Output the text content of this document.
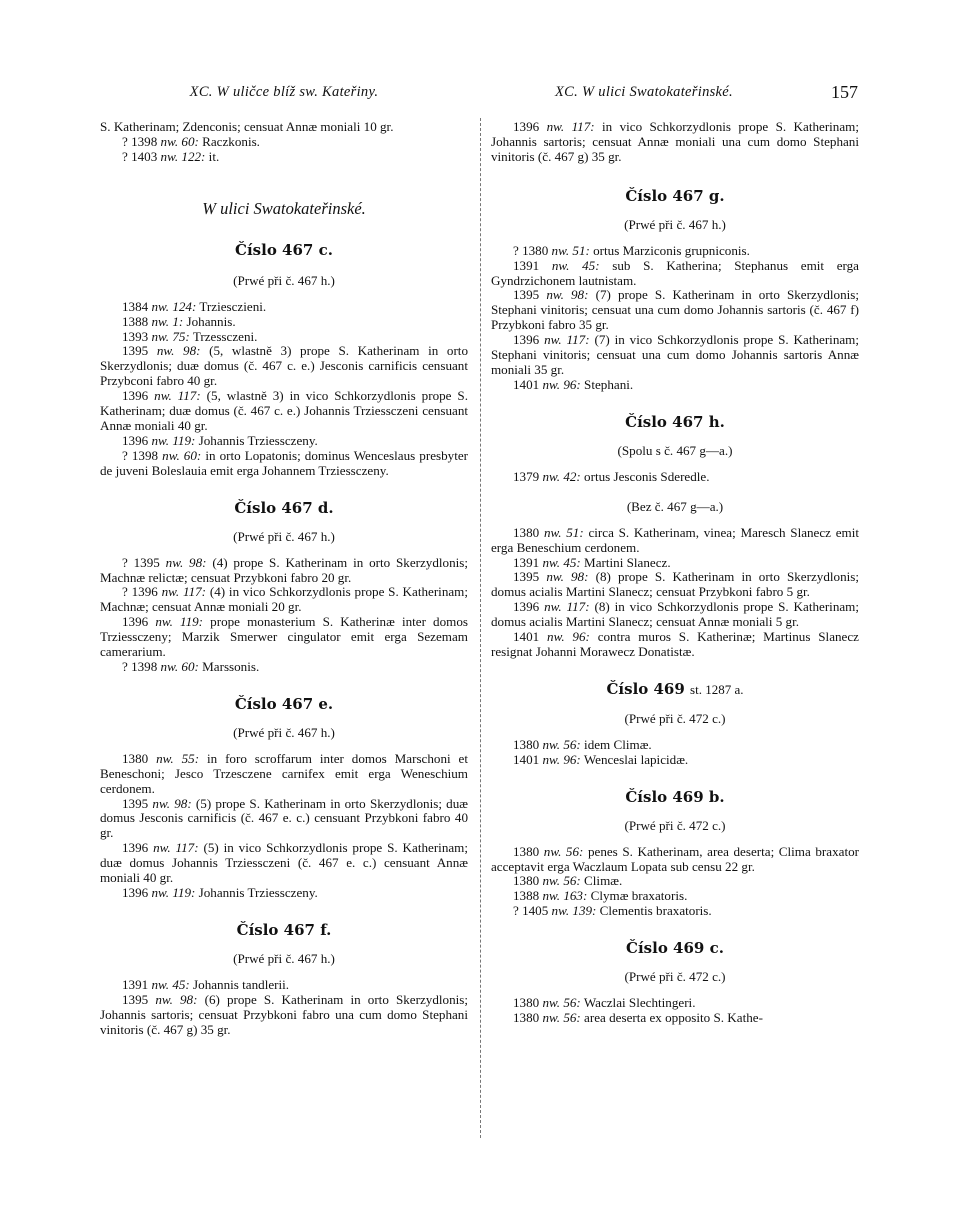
XC. W uličce blíž sw. Kateřiny.	XC. W ulici Swatokateřinské.	157

S. Katherinam; Zdenconis; censuat Annæ moniali 10 gr.

? 1398 nw. 60: Raczkonis.

? 1403 nw. 122: it.

W ulici Swatokateřinské.

Číslo 467 c.

(Prwé při č. 467 h.)

1384 nw. 124: Trziesczieni.

1388 nw. 1: Johannis.

1393 nw. 75: Trzessczeni.

1395 nw. 98: (5, wlastně 3) prope S. Katherinam in orto Skerzydlonis; duæ domus (č. 467 c. e.) Jesconis carnificis censuant Przybconi fabro 40 gr.

1396 nw. 117: (5, wlastně 3) in vico Schkorzydlonis prope S. Katherinam; duæ domus (č. 467 c. e.) Johannis Trziessczeni censuant Annæ moniali 40 gr.

1396 nw. 119: Johannis Trziessczeny.

? 1398 nw. 60: in orto Lopatonis; dominus Wenceslaus presbyter de juveni Boleslauia emit erga Johannem Trziessczeny.

Číslo 467 d.

(Prwé při č. 467 h.)

? 1395 nw. 98: (4) prope S. Katherinam in orto Skerzydlonis; Machnæ relictæ; censuat Przybkoni fabro 20 gr.

? 1396 nw. 117: (4) in vico Schkorzydlonis prope S. Katherinam; Machnæ; censuat Annæ moniali 20 gr.

1396 nw. 119: prope monasterium S. Katherinæ inter domos Trziessczeny; Marzik Smerwer cingulator emit erga Sezemam camerarium.

? 1398 nw. 60: Marssonis.

Číslo 467 e.

(Prwé při č. 467 h.)

1380 nw. 55: in foro scroffarum inter domos Marschoni et Beneschoni; Jesco Trzesczene carnifex emit erga Weneschium cerdonem.

1395 nw. 98: (5) prope S. Katherinam in orto Skerzydlonis; duæ domus Jesconis carnificis (č. 467 e. c.) censuant Przybkoni fabro 40 gr.

1396 nw. 117: (5) in vico Schkorzydlonis prope S. Katherinam; duæ domus Johannis Trziessczeni (č. 467 e. c.) censuant Annæ moniali 40 gr.

1396 nw. 119: Johannis Trziessczeny.

Číslo 467 f.

(Prwé při č. 467 h.)

1391 nw. 45: Johannis tandlerii.

1395 nw. 98: (6) prope S. Katherinam in orto Skerzydlonis; Johannis sartoris; censuat Przybkoni fabro una cum domo Stephani vinitoris (č. 467 g) 35 gr.

1396 nw. 117: in vico Schkorzydlonis prope S. Katherinam; Johannis sartoris; censuat Annæ moniali una cum domo Stephani vinitoris (č. 467 g) 35 gr.

Číslo 467 g.

(Prwé při č. 467 h.)

? 1380 nw. 51: ortus Marziconis grupniconis.

1391 nw. 45: sub S. Katherina; Stephanus emit erga Gyndrzichonem lautnistam.

1395 nw. 98: (7) prope S. Katherinam in orto Skerzydlonis; Stephani vinitoris; censuat una cum domo Johannis sartoris (č. 467 f) Przybkoni fabro 35 gr.

1396 nw. 117: (7) in vico Schkorzydlonis prope S. Katherinam; Stephani vinitoris; censuat una cum domo Johannis sartoris Annæ moniali 35 gr.

1401 nw. 96: Stephani.

Číslo 467 h.

(Spolu s č. 467 g—a.)

1379 nw. 42: ortus Jesconis Sderedle.

(Bez č. 467 g—a.)

1380 nw. 51: circa S. Katherinam, vinea; Maresch Slanecz emit erga Beneschium cerdonem.

1391 nw. 45: Martini Slanecz.

1395 nw. 98: (8) prope S. Katherinam in orto Skerzydlonis; domus acialis Martini Slanecz; censuat Przybkoni fabro 5 gr.

1396 nw. 117: (8) in vico Schkorzydlonis prope S. Katherinam; domus acialis Martini Slanecz; censuat Annæ moniali 5 gr.

1401 nw. 96: contra muros S. Katherinæ; Martinus Slanecz resignat Johanni Morawecz Donatistæ.

Číslo 469 st. 1287 a.

(Prwé při č. 472 c.)

1380 nw. 56: idem Climæ.

1401 nw. 96: Wenceslai lapicidæ.

Číslo 469 b.

(Prwé při č. 472 c.)

1380 nw. 56: penes S. Katherinam, area deserta; Clima braxator acceptavit erga Waczlaum Lopata sub censu 22 gr.

1380 nw. 56: Climæ.

1388 nw. 163: Clymæ braxatoris.

? 1405 nw. 139: Clementis braxatoris.

Číslo 469 c.

(Prwé při č. 472 c.)

1380 nw. 56: Waczlai Slechtingeri.

1380 nw. 56: area deserta ex opposito S. Kathe-
